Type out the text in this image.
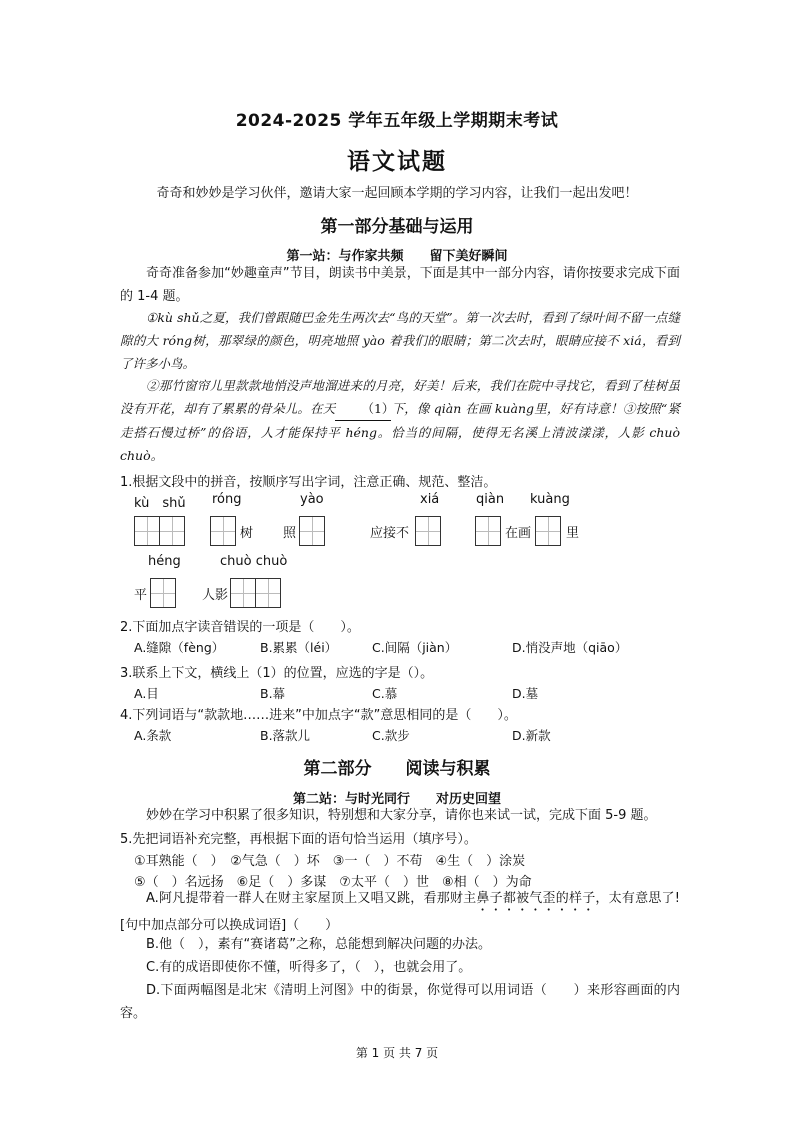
2024-2025 学年五年级上学期期末考试
语文试题
奇奇和妙妙是学习伙伴，邀请大家一起回顾本学期的学习内容，让我们一起出发吧！
第一部分基础与运用
第一站：与作家共频　　留下美好瞬间
奇奇准备参加“妙趣童声”节目，朗读书中美景，下面是其中一部分内容，请你按要求完成下面的 1-4 题。
①kù shǔ之夏，我们曾跟随巴金先生两次去“鸟的天堂”。第一次去时，看到了绿叶间不留一点缝隙的大 róng树，那翠绿的颜色，明亮地照 yào 着我们的眼睛；第二次去时，眼睛应接不 xiá，看到了许多小鸟。
②那竹窗帘儿里款款地悄没声地溜进来的月亮，好美！后来，我们在院中寻找它，看到了桂树虽没有开花，却有了累累的骨朵儿。在天 （1）下，像 qiàn 在画 kuàng里，好有诗意！③按照“紧走搭石慢过桥”的俗语，人才能保持平 héng。恰当的间隔，使得无名溪上清波漾漾，人影 chuò chuò。
1.根据文段中的拼音，按顺序写出字词，注意正确、规范、整洁。
kù　shǔ róng	yào	xiá	qiàn kuàng
树 照	应接不	在画	里
héng	chuò chuò
平	人影
2.下面加点字读音错误的一项是（　　）。
A.缝隙（fèng）	B.累累（léi）	C.间隔（jiàn）	D.悄没声地（qiāo）
3.联系上下文，横线上（1）的位置，应选的字是（）。
A.目	B.幕	C.慕	D.墓
4.下列词语与“款款地……进来”中加点字“款”意思相同的是（　　）。
A.条款	B.落款儿	C.款步	D.新款
第二部分　　阅读与积累
第二站：与时光同行　　对历史回望
妙妙在学习中积累了很多知识，特别想和大家分享，请你也来试一试，完成下面 5-9 题。
5.先把词语补充完整，再根据下面的语句恰当运用（填序号）。
①耳熟能（　）　②气急（　）坏　③一（　）不苟　④生（　）涂炭
⑤（　）名远扬　⑥足（　）多谋　⑦太平（　）世　⑧相（　）为命
A.阿凡提带着一群人在财主家屋顶上又唱又跳，看那财主鼻子都被气歪的样子，太有意思了! [句中加点部分可以换成词语]（　　）
B.他（　），素有“赛诸葛”之称，总能想到解决问题的办法。
C.有的成语即使你不懂，听得多了，（　），也就会用了。
D.下面两幅图是北宋《清明上河图》中的街景，你觉得可以用词语（　　）来形容画面的内容。
第 1 页 共 7 页
